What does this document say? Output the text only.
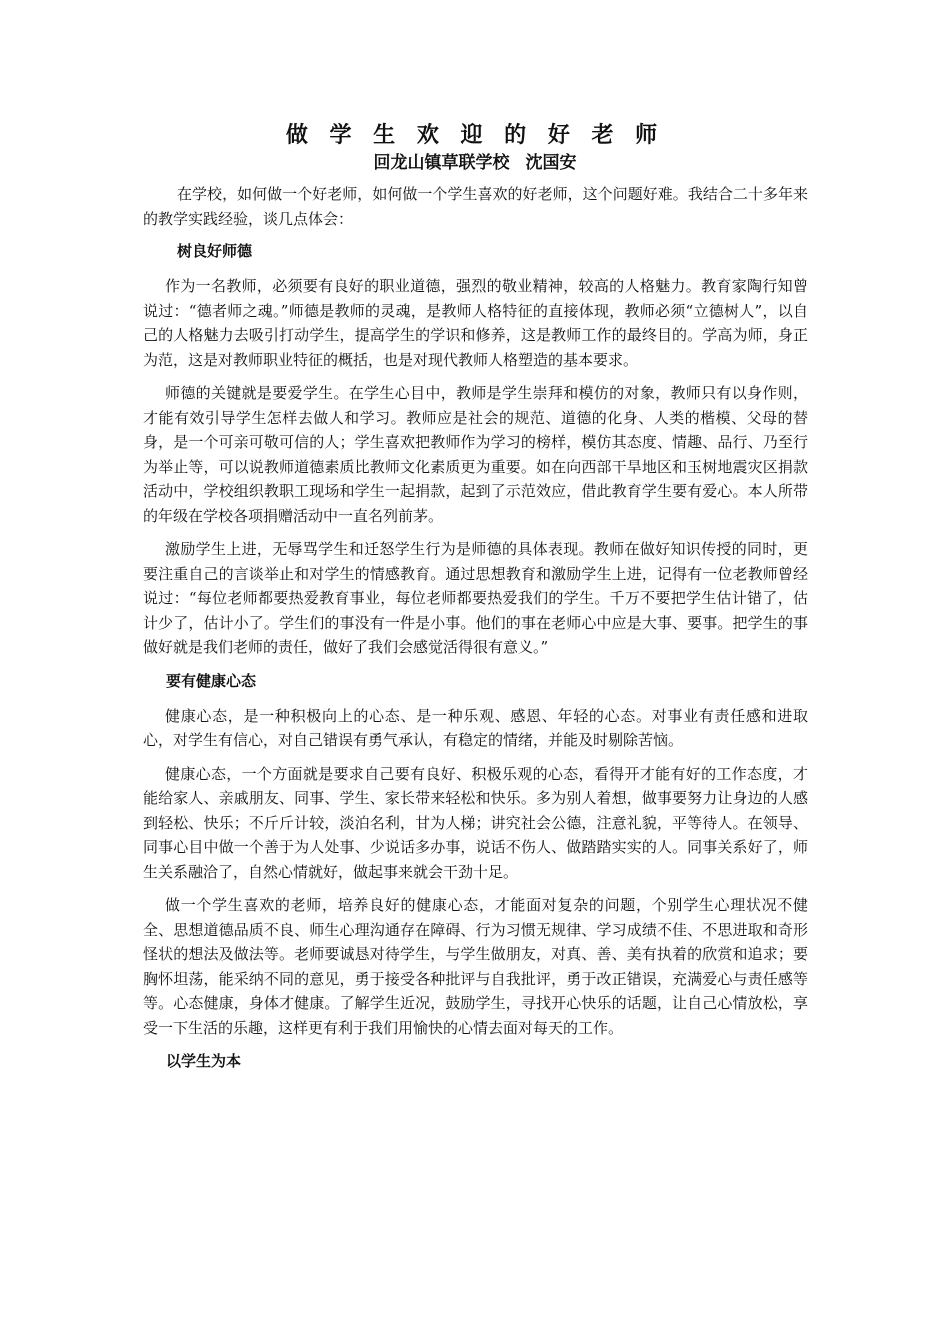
做 学 生 欢 迎 的 好 老 师
回龙山镇草联学校 沈国安

在学校，如何做一个好老师，如何做一个学生喜欢的好老师，这个问题好难。我结合二十多年来的教学实践经验，谈几点体会：

树良好师德

作为一名教师，必须要有良好的职业道德，强烈的敬业精神，较高的人格魅力。教育家陶行知曾说过：“德者师之魂。”师德是教师的灵魂，是教师人格特征的直接体现，教师必须“立德树人”，以自己的人格魅力去吸引打动学生，提高学生的学识和修养，这是教师工作的最终目的。学高为师，身正为范，这是对教师职业特征的概括，也是对现代教师人格塑造的基本要求。

师德的关键就是要爱学生。在学生心目中，教师是学生崇拜和模仿的对象，教师只有以身作则，才能有效引导学生怎样去做人和学习。教师应是社会的规范、道德的化身、人类的楷模、父母的替身，是一个可亲可敬可信的人；学生喜欢把教师作为学习的榜样，模仿其态度、情趣、品行、乃至行为举止等，可以说教师道德素质比教师文化素质更为重要。如在向西部干旱地区和玉树地震灾区捐款活动中，学校组织教职工现场和学生一起捐款，起到了示范效应，借此教育学生要有爱心。本人所带的年级在学校各项捐赠活动中一直名列前茅。

激励学生上进，无辱骂学生和迁怒学生行为是师德的具体表现。教师在做好知识传授的同时，更要注重自己的言谈举止和对学生的情感教育。通过思想教育和激励学生上进，记得有一位老教师曾经说过：“每位老师都要热爱教育事业，每位老师都要热爱我们的学生。千万不要把学生估计错了，估计少了，估计小了。学生们的事没有一件是小事。他们的事在老师心中应是大事、要事。把学生的事做好就是我们老师的责任，做好了我们会感觉活得很有意义。”

要有健康心态

健康心态，是一种积极向上的心态、是一种乐观、感恩、年轻的心态。对事业有责任感和进取心，对学生有信心，对自己错误有勇气承认，有稳定的情绪，并能及时剔除苦恼。

健康心态，一个方面就是要求自己要有良好、积极乐观的心态，看得开才能有好的工作态度，才能给家人、亲戚朋友、同事、学生、家长带来轻松和快乐。多为别人着想，做事要努力让身边的人感到轻松、快乐；不斤斤计较，淡泊名利，甘为人梯；讲究社会公德，注意礼貌，平等待人。在领导、同事心目中做一个善于为人处事、少说话多办事，说话不伤人、做踏踏实实的人。同事关系好了，师生关系融洽了，自然心情就好，做起事来就会干劲十足。

做一个学生喜欢的老师，培养良好的健康心态，才能面对复杂的问题，个别学生心理状况不健全、思想道德品质不良、师生心理沟通存在障碍、行为习惯无规律、学习成绩不佳、不思进取和奇形怪状的想法及做法等。老师要诚恳对待学生，与学生做朋友，对真、善、美有执着的欣赏和追求；要胸怀坦荡，能采纳不同的意见，勇于接受各种批评与自我批评，勇于改正错误，充满爱心与责任感等等。心态健康，身体才健康。了解学生近况，鼓励学生，寻找开心快乐的话题，让自己心情放松，享受一下生活的乐趣，这样更有利于我们用愉快的心情去面对每天的工作。

以学生为本
